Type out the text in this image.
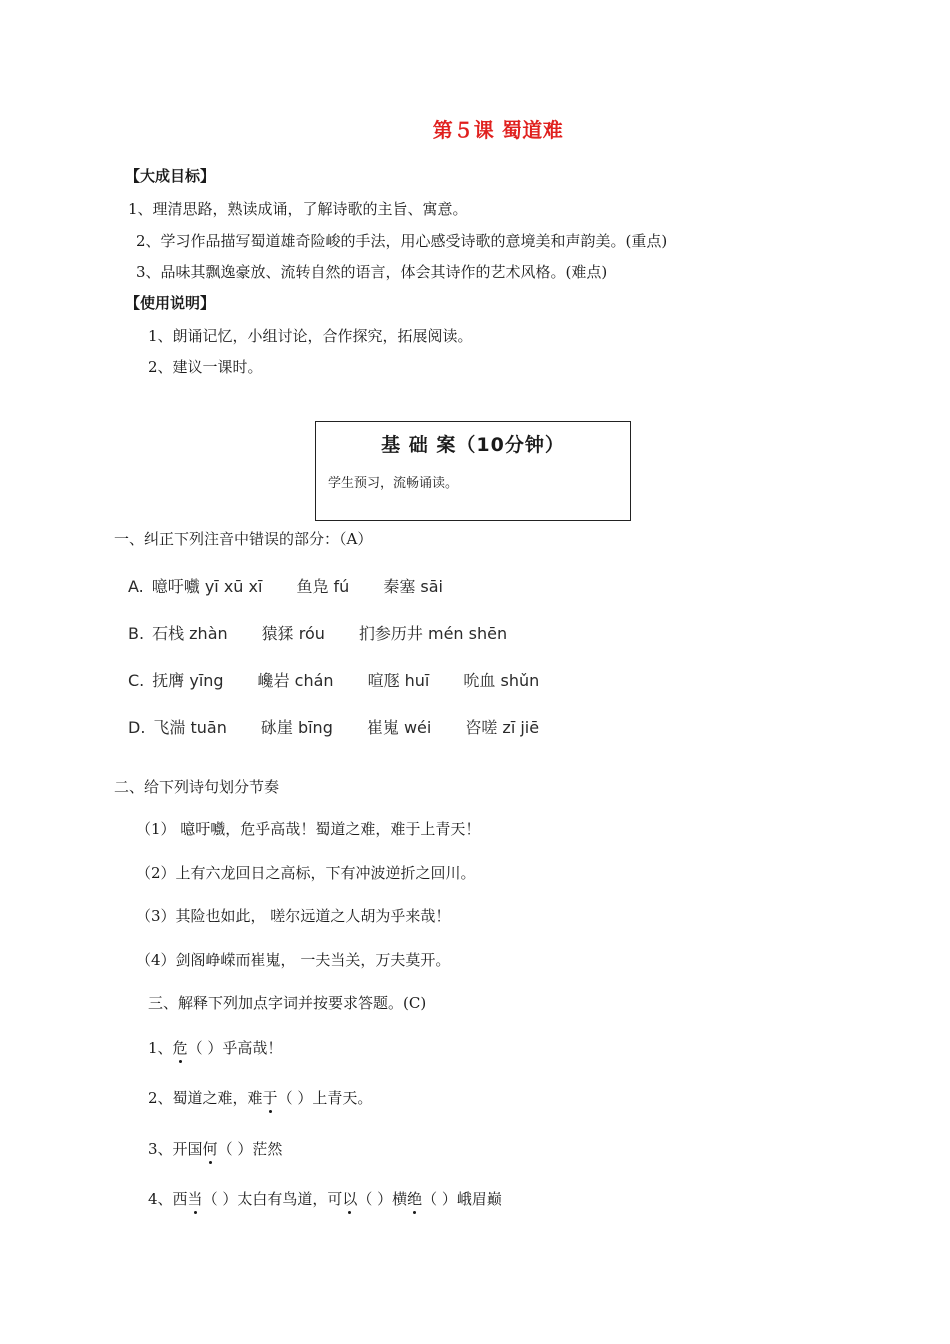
第５课 蜀道难
【大成目标】
1、理清思路，熟读成诵，了解诗歌的主旨、寓意。
2、学习作品描写蜀道雄奇险峻的手法，用心感受诗歌的意境美和声韵美。(重点)
3、品味其飘逸豪放、流转自然的语言，体会其诗作的艺术风格。(难点)
【使用说明】
1、朗诵记忆，小组讨论，合作探究，拓展阅读。
2、建议一课时。
基 础 案（10分钟）
学生预习，流畅诵读。
一、纠正下列注音中错误的部分：（A）
A. 噫吁嚱 yī xū xī 鱼凫 fú 秦塞 sāi
B. 石栈 zhàn 猿猱 róu 扪参历井 mén shēn
C. 抚膺 yīng 巉岩 chán 喧豗 huī 吮血 shǔn
D. 飞湍 tuān 砯崖 bīng 崔嵬 wéi 咨嗟 zī jiē
二、给下列诗句划分节奏
（1） 噫吁嚱，危乎高哉！蜀道之难，难于上青天！
（2）上有六龙回日之高标，下有冲波逆折之回川。
（3）其险也如此， 嗟尔远道之人胡为乎来哉！
（4）剑阁峥嵘而崔嵬， 一夫当关，万夫莫开。
三、解释下列加点字词并按要求答题。(C)
1、危（ ）乎高哉！
2、蜀道之难，难于（ ）上青天。
3、开国何（ ）茫然
4、西当（ ）太白有鸟道，可以（ ）横绝（ ）峨眉巅
